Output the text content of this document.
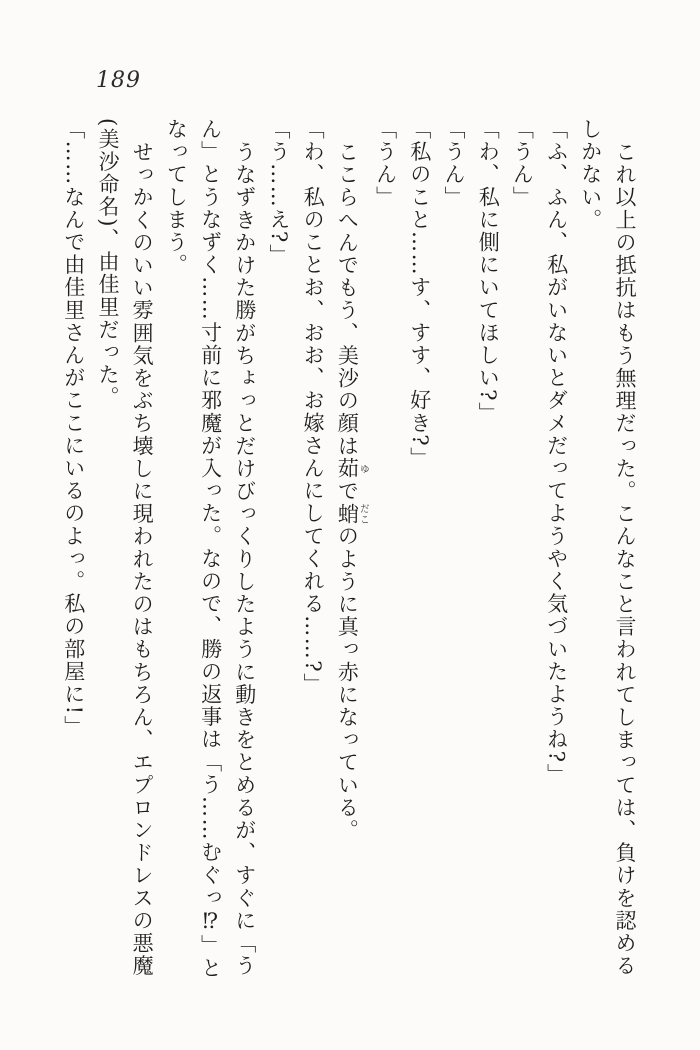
189
これ以上の抵抗はもう無理だった。こんなこと言われてしまっては、負けを認める
しかない。
「ふ、ふん、私がいないとダメだってようやく気づいたようね?」
「うん」
「わ、私に側にいてほしい?」
「うん」
「私のこと……す、すす、好き?」
「うん」
ここらへんでもう、美沙の顔は茹ゆで蛸だこのように真っ赤になっている。
「わ、私のことお、おお、お嫁さんにしてくれる……?」
「う……え?」
うなずきかけた勝がちょっとだけびっくりしたように動きをとめるが、すぐに「う
ん」とうなずく……寸前に邪魔が入った。なので、勝の返事は「う……むぐっ⁉」と
なってしまう。
せっかくのいい雰囲気をぶち壊しに現われたのはもちろん、エプロンドレスの悪魔
(美沙命名)、由佳里だった。
「……なんで由佳里さんがここにいるのよっ。私の部屋に!」
